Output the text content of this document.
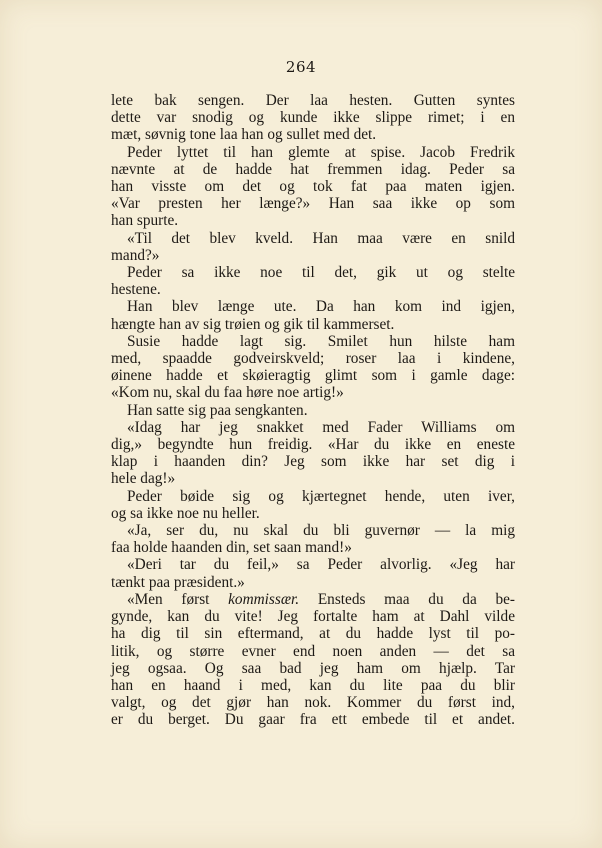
264
lete bak sengen. Der laa hesten. Gutten syntes
dette var snodig og kunde ikke slippe rimet; i en
mæt, søvnig tone laa han og sullet med det.
Peder lyttet til han glemte at spise. Jacob Fredrik
nævnte at de hadde hat fremmen idag. Peder sa
han visste om det og tok fat paa maten igjen.
«Var presten her længe?» Han saa ikke op som
han spurte.
«Til det blev kveld. Han maa være en snild
mand?»
Peder sa ikke noe til det, gik ut og stelte
hestene.
Han blev længe ute. Da han kom ind igjen,
hængte han av sig trøien og gik til kammerset.
Susie hadde lagt sig. Smilet hun hilste ham
med, spaadde godveirskveld; roser laa i kindene,
øinene hadde et skøieragtig glimt som i gamle dage:
«Kom nu, skal du faa høre noe artig!»
Han satte sig paa sengkanten.
«Idag har jeg snakket med Fader Williams om
dig,» begyndte hun freidig. «Har du ikke en eneste
klap i haanden din? Jeg som ikke har set dig i
hele dag!»
Peder bøide sig og kjærtegnet hende, uten iver,
og sa ikke noe nu heller.
«Ja, ser du, nu skal du bli guvernør — la mig
faa holde haanden din, set saan mand!»
«Deri tar du feil,» sa Peder alvorlig. «Jeg har
tænkt paa præsident.»
«Men først kommissær. Ensteds maa du da be-
gynde, kan du vite! Jeg fortalte ham at Dahl vilde
ha dig til sin eftermand, at du hadde lyst til po-
litik, og større evner end noen anden — det sa
jeg ogsaa. Og saa bad jeg ham om hjælp. Tar
han en haand i med, kan du lite paa du blir
valgt, og det gjør han nok. Kommer du først ind,
er du berget. Du gaar fra ett embede til et andet.
